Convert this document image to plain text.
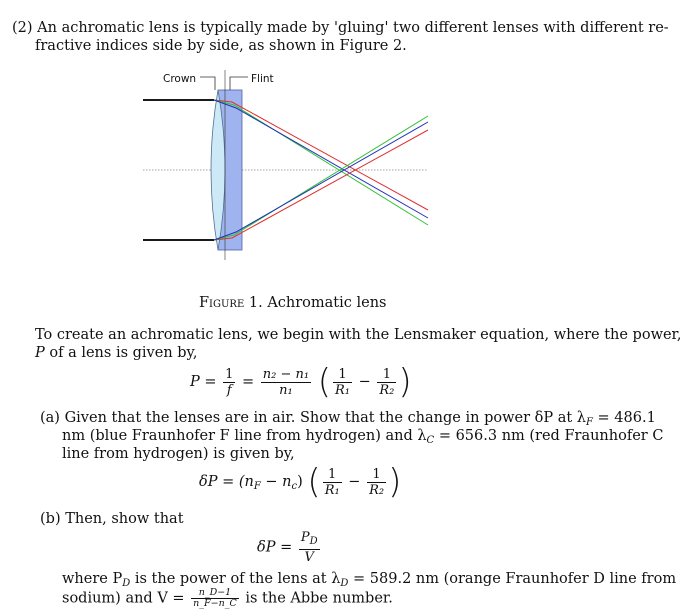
(2) An achromatic lens is typically made by 'gluing' two different lenses with different re-
fractive indices side by side, as shown in Figure 2.
Crown	Flint
Figure 1. Achromatic lens
To create an achromatic lens, we begin with the Lensmaker equation, where the power,
P of a lens is given by,
$P = \frac{1}{f} = \frac{\text{n₂ − n₁}}{\text{n₁}}$ ( $\frac{1}{\text{R₁}} - \frac{1}{\text{R₂}}$ )
(a) Given that the lenses are in air. Show that the change in power δP at $\lambda_F = 486.1$
nm (blue Fraunhofer F line from hydrogen) and $\lambda_C = 656.3$ nm (red Fraunhofer C
line from hydrogen) is given by,
$\delta P = (n_F - n_c)$ ( $\frac{1}{\text{R₁}} - \frac{1}{\text{R₂}}$ )
(b) Then, show that
$\delta P = \frac{P_D}{V}$
where $P_D$ is the power of the lens at $\lambda_D = 589.2$ nm (orange Fraunhofer D line from
sodium) and $V = \frac{n\_D-1}{n\_F-n\_C}$ is the Abbe number.
